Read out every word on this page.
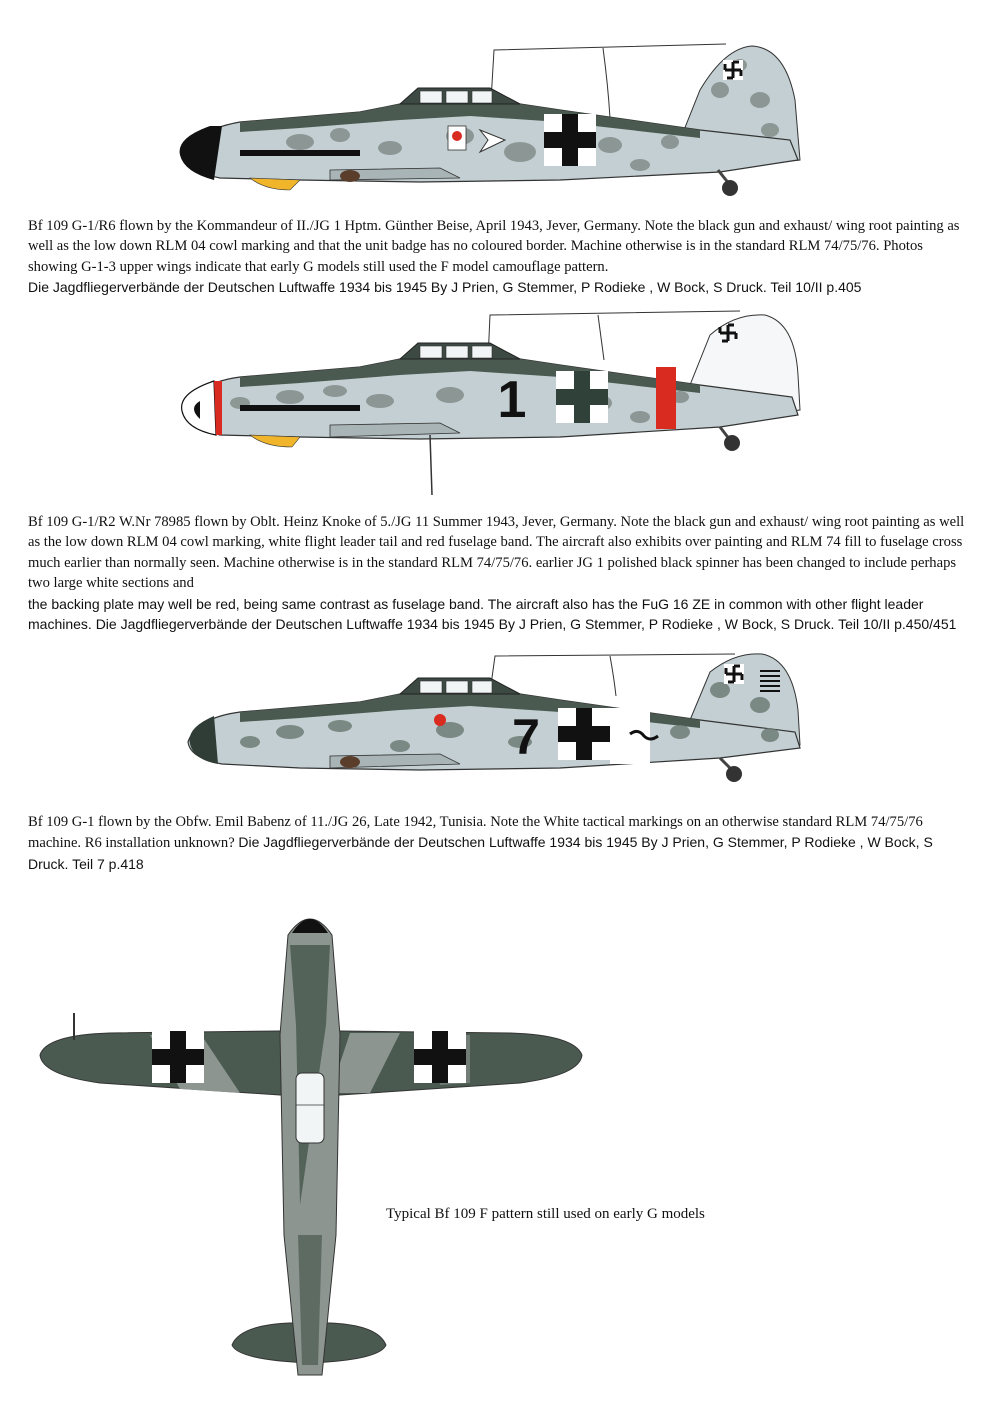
Bf 109 G-1/R6 flown by the Kommandeur of II./JG 1 Hptm. Günther Beise, April 1943, Jever, Germany. Note the black gun and exhaust/ wing root painting as well as the low down RLM 04 cowl marking and that the unit badge has no coloured border. Machine otherwise is in the standard RLM 74/75/76. Photos showing G-1-3 upper wings indicate that early G models still used the F model camouflage pattern.
Die Jagdfliegerverbände der Deutschen Luftwaffe 1934 bis 1945 By J Prien, G Stemmer, P Rodieke , W Bock, S Druck. Teil 10/II p.405
1
Bf 109 G-1/R2 W.Nr 78985 flown by Oblt. Heinz Knoke of 5./JG 11 Summer 1943, Jever, Germany. Note the black gun and exhaust/ wing root painting as well as the low down RLM 04 cowl marking, white flight leader tail and red fuselage band. The aircraft also exhibits over painting and RLM 74 fill to fuselage cross much earlier than normally seen. Machine otherwise is in the standard RLM 74/75/76. earlier JG 1 polished black spinner has been changed to include perhaps two large white sections and
the backing plate may well be red, being same contrast as fuselage band. The aircraft also has the FuG 16 ZE in common with other flight leader machines. Die Jagdfliegerverbände der Deutschen Luftwaffe 1934 bis 1945 By J Prien, G Stemmer, P Rodieke , W Bock, S Druck. Teil 10/II p.450/451
7
Bf 109 G-1 flown by the Obfw. Emil Babenz of 11./JG 26, Late 1942, Tunisia. Note the White tactical markings on an otherwise standard RLM 74/75/76 machine. R6 installation unknown? Die Jagdfliegerverbände der Deutschen Luftwaffe 1934 bis 1945 By J Prien, G Stemmer, P Rodieke , W Bock, S Druck. Teil 7 p.418
Typical Bf 109 F pattern still used on early G models
